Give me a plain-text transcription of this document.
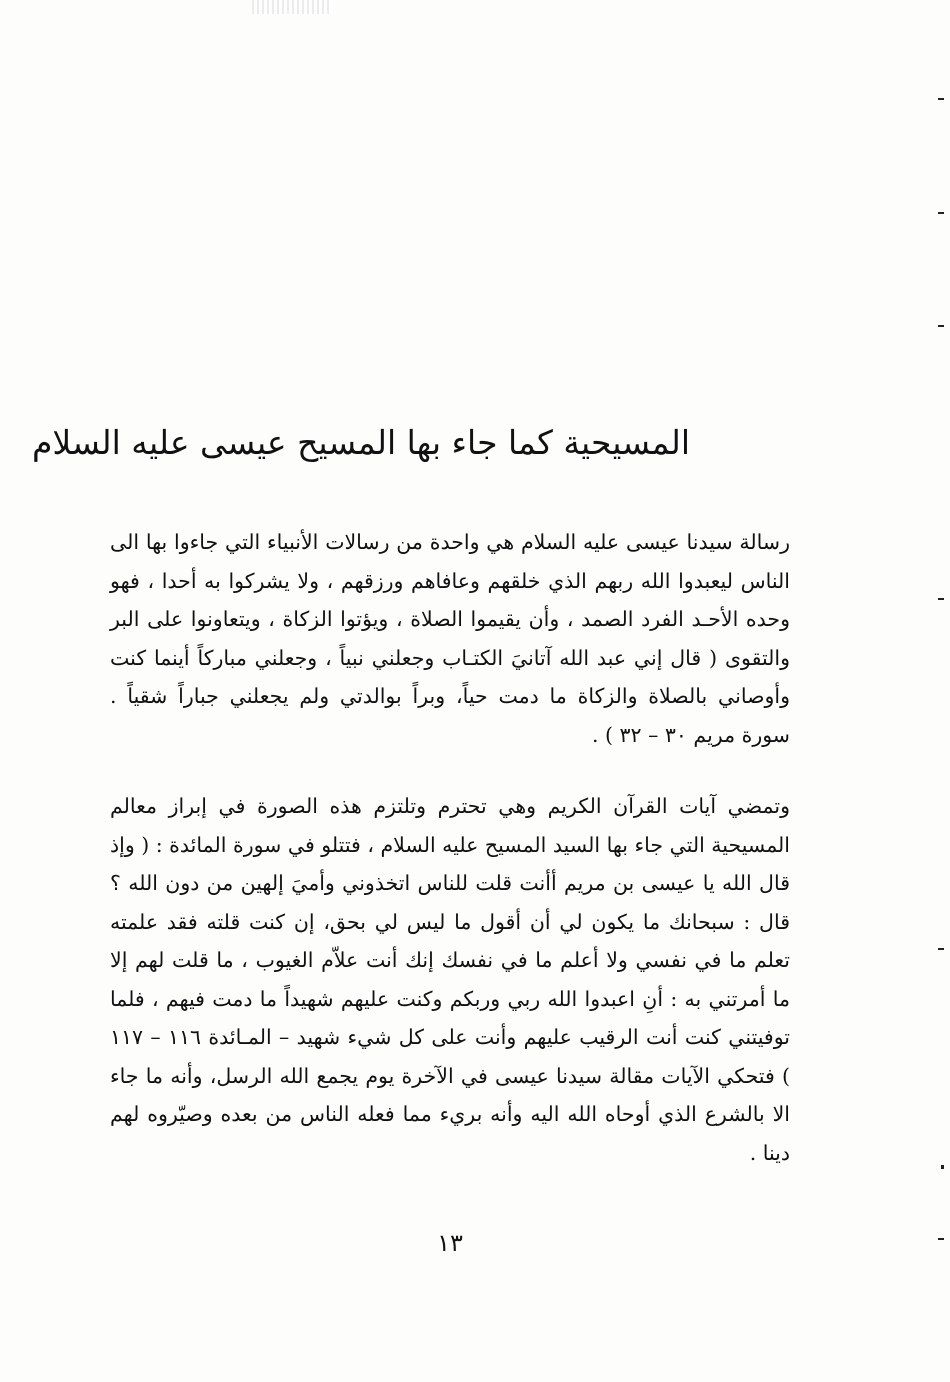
المسيحية كما جاء بها المسيح عيسى عليه السلام

رسالة سيدنا عيسى عليه السلام هي واحدة من رسالات الأنبياء التي جاءوا بها الى الناس ليعبدوا الله ربهم الذي خلقهم وعافاهم ورزقهم ، ولا يشركوا به أحدا ، فهو وحده الأحـد الفرد الصمد ، وأن يقيموا الصلاة ، ويؤتوا الزكاة ، ويتعاونوا على البر والتقوى ( قال إني عبد الله آتانيَ الكتـاب وجعلني نبياً ، وجعلني مباركاً أينما كنت وأوصاني بالصلاة والزكاة ما دمت حياً، وبراً بوالدتي ولم يجعلني جباراً شقياً . سورة مريم ٣٠ – ٣٢ ) .

وتمضي آيات القرآن الكريم وهي تحترم وتلتزم هذه الصورة في إبراز معالم المسيحية التي جاء بها السيد المسيح عليه السلام ، فتتلو في سورة المائدة : ( وإذ قال الله يا عيسى بن مريم أأنت قلت للناس اتخذوني وأميَ إلهين من دون الله ؟ قال : سبحانك ما يكون لي أن أقول ما ليس لي بحق، إن كنت قلته فقد علمته تعلم ما في نفسي ولا أعلم ما في نفسك إنك أنت علاّم الغيوب ، ما قلت لهم إلا ما أمرتني به : أنِ اعبدوا الله ربي وربكم وكنت عليهم شهيداً ما دمت فيهم ، فلما توفيتني كنت أنت الرقيب عليهم وأنت على كل شيء شهيد – المـائدة ١١٦ – ١١٧ ) فتحكي الآيات مقالة سيدنا عيسى في الآخرة يوم يجمع الله الرسل، وأنه ما جاء الا بالشرع الذي أوحاه الله اليه وأنه بريء مما فعله الناس من بعده وصيّروه لهم دينا .

١٣
